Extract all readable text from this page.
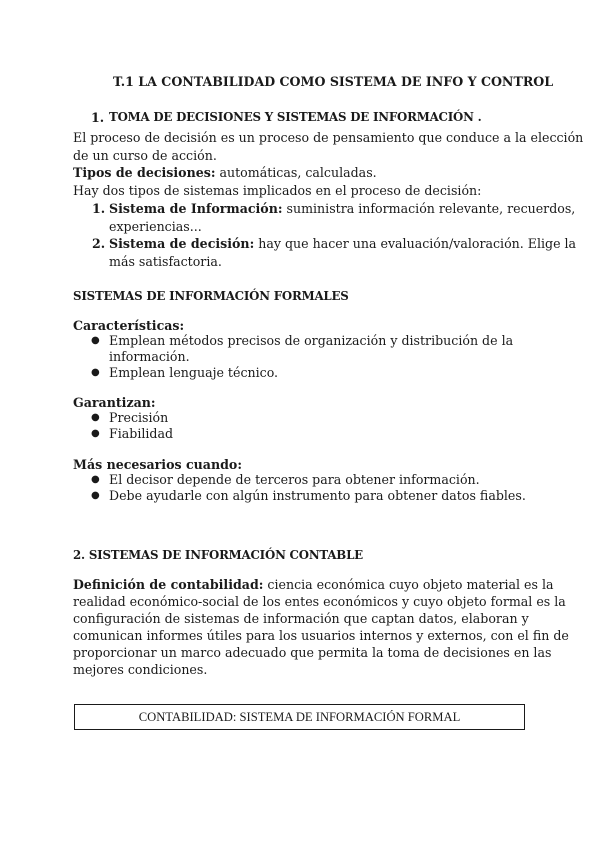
T.1 LA CONTABILIDAD COMO SISTEMA DE INFO Y CONTROL
1. TOMA DE DECISIONES Y SISTEMAS DE INFORMACIÓN .
El proceso de decisión es un proceso de pensamiento que conduce a la elección
de un curso de acción.
Tipos de decisiones: automáticas, calculadas.
Hay dos tipos de sistemas implicados en el proceso de decisión:
1. Sistema de Información: suministra información relevante, recuerdos,
experiencias...
2. Sistema de decisión: hay que hacer una evaluación/valoración. Elige la
más satisfactoria.
SISTEMAS DE INFORMACIÓN FORMALES
Características:
● Emplean métodos precisos de organización y distribución de la
información.
● Emplean lenguaje técnico.
Garantizan:
● Precisión
● Fiabilidad
Más necesarios cuando:
● El decisor depende de terceros para obtener información.
● Debe ayudarle con algún instrumento para obtener datos fiables.
2. SISTEMAS DE INFORMACIÓN CONTABLE
Definición de contabilidad: ciencia económica cuyo objeto material es la
realidad económico-social de los entes económicos y cuyo objeto formal es la
configuración de sistemas de información que captan datos, elaboran y
comunican informes útiles para los usuarios internos y externos, con el fin de
proporcionar un marco adecuado que permita la toma de decisiones en las
mejores condiciones.
CONTABILIDAD: SISTEMA DE INFORMACIÓN FORMAL
